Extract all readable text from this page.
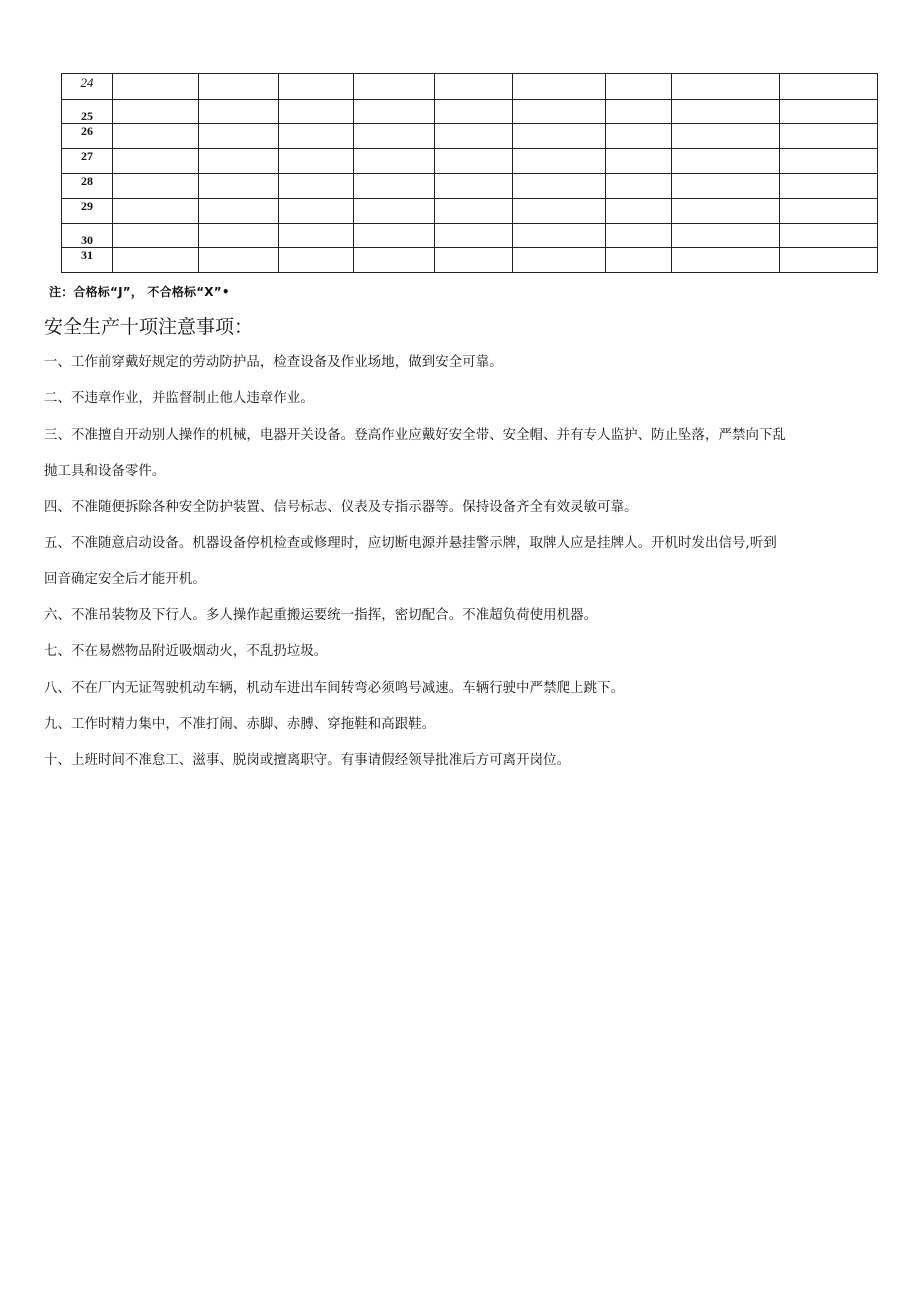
24									
25									
26									
27									
28									
29									
30									
31									
注：合格标“J”， 不合格标“X”•
安全生产十项注意事项：
一、工作前穿戴好规定的劳动防护品，检查设备及作业场地，做到安全可靠。
二、不违章作业，并监督制止他人违章作业。
三、不准擅自开动别人操作的机械，电器开关设备。登高作业应戴好安全带、安全帽、并有专人监护、防止坠落，严禁向下乱
抛工具和设备零件。
四、不准随便拆除各种安全防护装置、信号标志、仪表及专指示器等。保持设备齐全有效灵敏可靠。
五、不准随意启动设备。机器设备停机检查或修理时，应切断电源并悬挂警示牌，取牌人应是挂牌人。开机时发出信号,听到
回音确定安全后才能开机。
六、不准吊装物及下行人。多人操作起重搬运要统一指挥，密切配合。不准超负荷使用机器。
七、不在易燃物品附近吸烟动火，不乱扔垃圾。
八、不在厂内无证驾驶机动车辆，机动车进出车间转弯必须鸣号减速。车辆行驶中严禁爬上跳下。
九、工作时精力集中，不准打闹、赤脚、赤膊、穿拖鞋和高跟鞋。
十、上班时间不准怠工、滋事、脱岗或擅离职守。有事请假经领导批准后方可离开岗位。
